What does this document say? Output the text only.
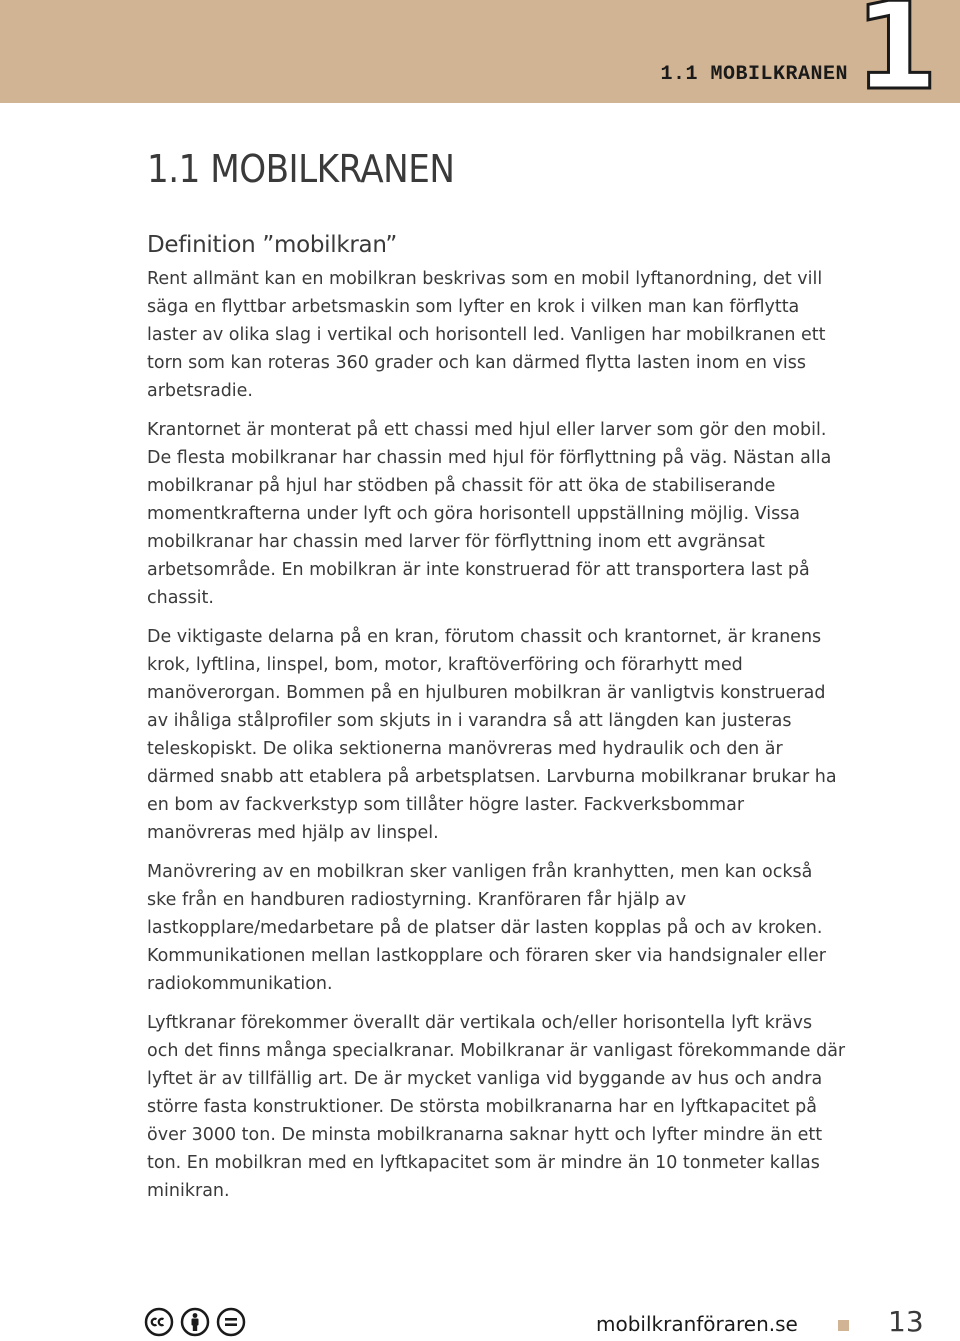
1.1 MOBILKRANEN 1
1.1 MOBILKRANEN
Definition ”mobilkran”

Rent allmänt kan en mobilkran beskrivas som en mobil lyftanordning, det vill säga en flyttbar arbetsmaskin som lyfter en krok i vilken man kan förflytta laster av olika slag i vertikal och horisontell led. Vanligen har mobilkranen ett torn som kan roteras 360 grader och kan därmed flytta lasten inom en viss arbetsradie.

Krantornet är monterat på ett chassi med hjul eller larver som gör den mobil. De flesta mobilkranar har chassin med hjul för förflyttning på väg. Nästan alla mobilkranar på hjul har stödben på chassit för att öka de stabiliserande momentkrafterna under lyft och göra horisontell uppställning möjlig. Vissa mobilkranar har chassin med larver för förflyttning inom ett avgränsat arbetsområde. En mobilkran är inte konstruerad för att transportera last på chassit.

De viktigaste delarna på en kran, förutom chassit och krantornet, är kranens krok, lyftlina, linspel, bom, motor, kraftöverföring och förarhytt med manöverorgan. Bommen på en hjulburen mobilkran är vanligtvis konstruerad av ihåliga stålprofiler som skjuts in i varandra så att längden kan justeras teleskopiskt. De olika sektionerna manövreras med hydraulik och den är därmed snabb att etablera på arbetsplatsen. Larvburna mobilkranar brukar ha en bom av fackverkstyp som tillåter högre laster. Fackverksbommar manövreras med hjälp av linspel.

Manövrering av en mobilkran sker vanligen från kranhytten, men kan också ske från en handburen radiostyrning. Kranföraren får hjälp av lastkopplare/medarbetare på de platser där lasten kopplas på och av kroken. Kommunikationen mellan lastkopplare och föraren sker via handsignaler eller radiokommunikation.

Lyftkranar förekommer överallt där vertikala och/eller horisontella lyft krävs och det finns många specialkranar. Mobilkranar är vanligast förekommande där lyftet är av tillfällig art. De är mycket vanliga vid byggande av hus och andra större fasta konstruktioner. De största mobilkranarna har en lyftkapacitet på över 3000 ton. De minsta mobilkranarna saknar hytt och lyfter mindre än ett ton. En mobilkran med en lyftkapacitet som är mindre än 10 tonmeter kallas minikran.

mobilkranföraren.se	13
